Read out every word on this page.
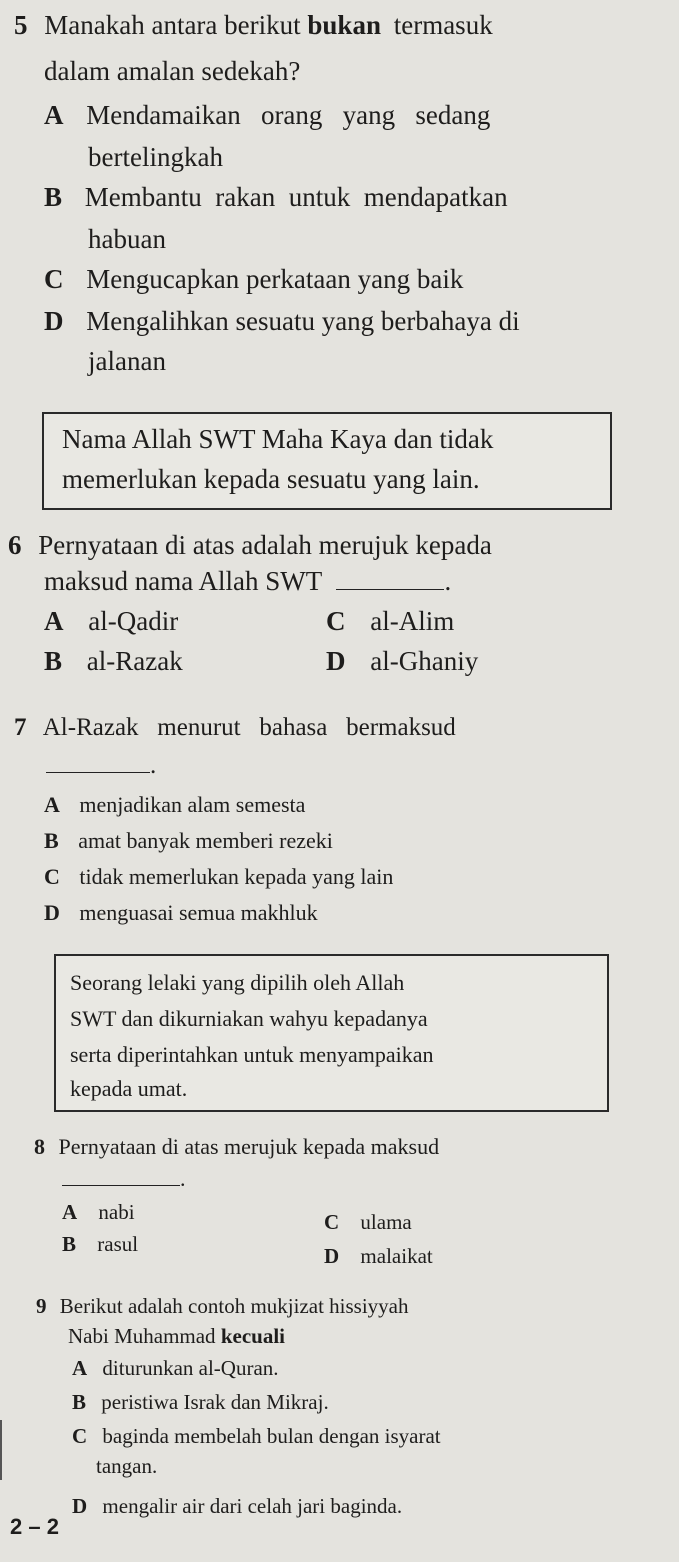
5 Manakah antara berikut bukan termasuk
dalam amalan sedekah?
A Mendamaikan   orang   yang   sedang
bertelingkah
B Membantu  rakan  untuk  mendapatkan
habuan
C Mengucapkan perkataan yang baik
D Mengalihkan sesuatu yang berbahaya di
jalanan
Nama Allah SWT Maha Kaya dan tidak
memerlukan kepada sesuatu yang lain.
6 Pernyataan di atas adalah merujuk kepada
maksud nama Allah SWT	.
A al-Qadir	C al-Alim
B al-Razak	D al-Ghaniy
7 Al-Razak   menurut   bahasa   bermaksud
.
A menjadikan alam semesta
B amat banyak memberi rezeki
C tidak memerlukan kepada yang lain
D menguasai semua makhluk
Seorang lelaki yang dipilih oleh Allah
SWT dan dikurniakan wahyu kepadanya
serta diperintahkan untuk menyampaikan
kepada umat.
8 Pernyataan di atas merujuk kepada maksud
.
A nabi	C ulama
B rasul	D malaikat
9 Berikut adalah contoh mukjizat hissiyyah
Nabi Muhammad kecuali
A diturunkan al-Quran.
B peristiwa Israk dan Mikraj.
C baginda membelah bulan dengan isyarat
tangan.
D mengalir air dari celah jari baginda.
2 – 2
